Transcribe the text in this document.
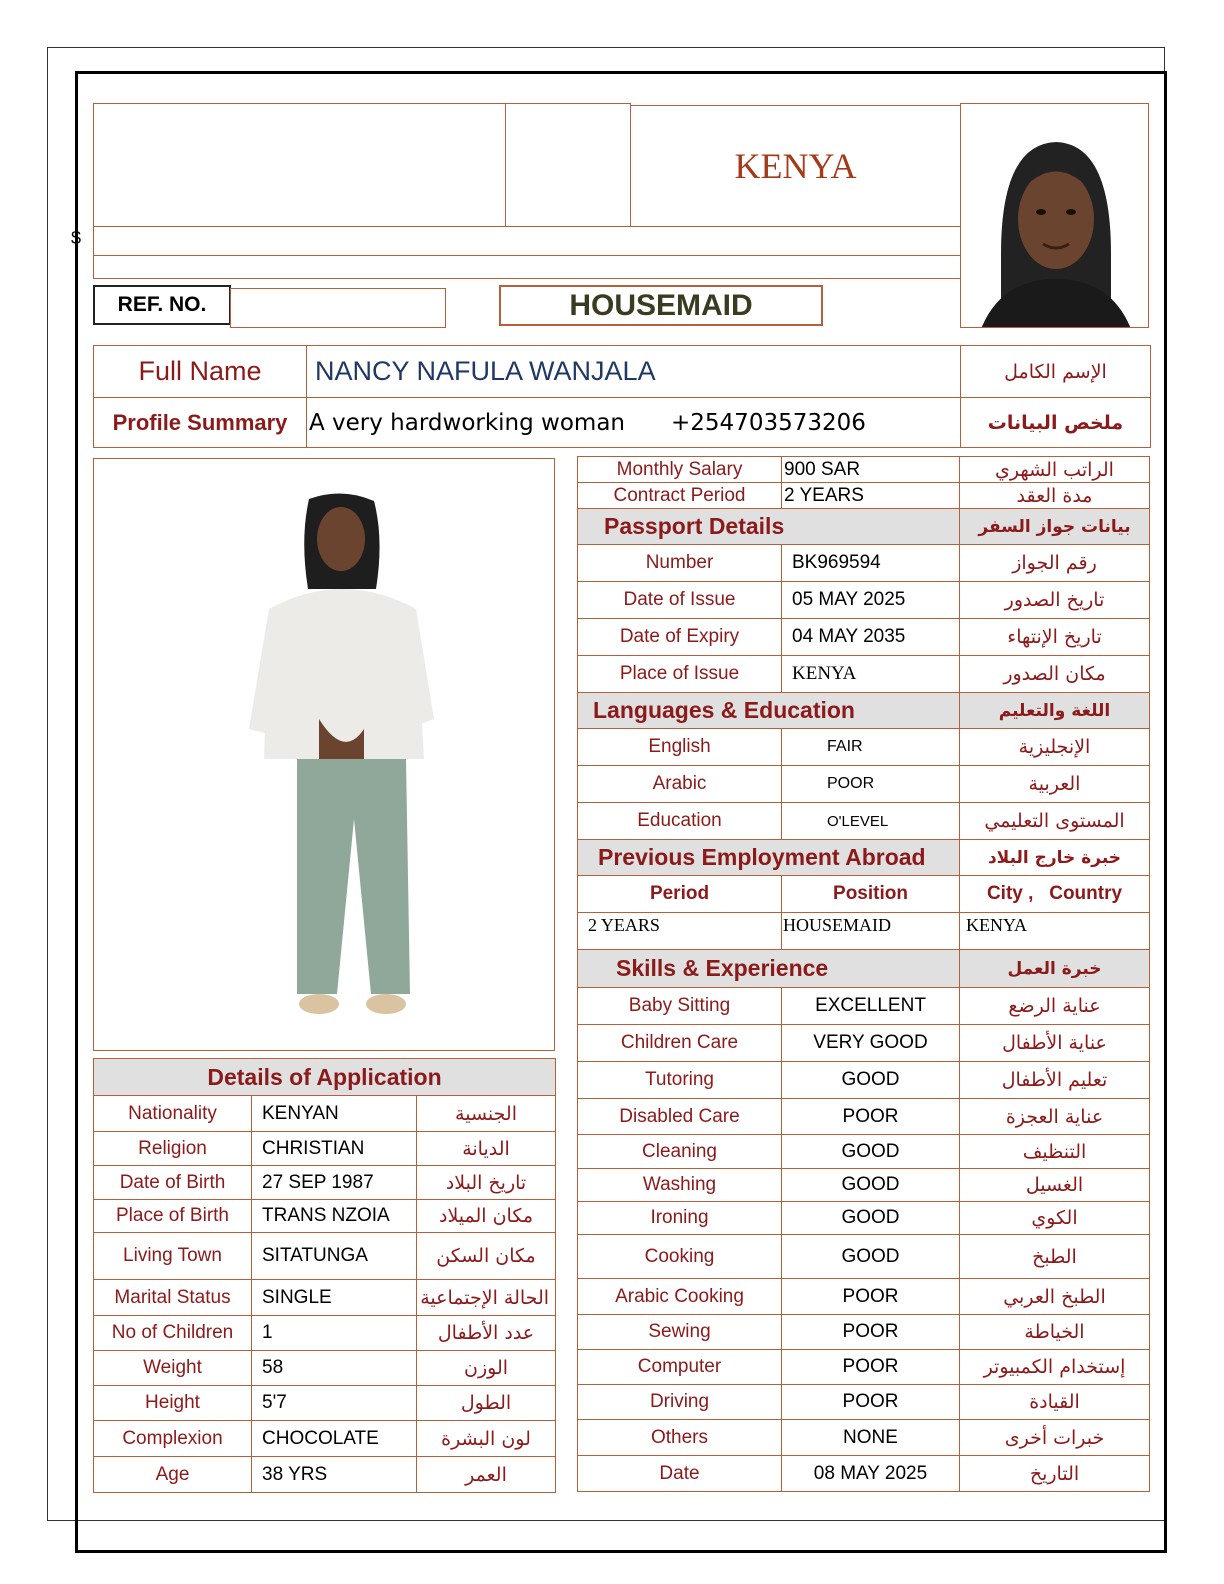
$
KENYA
REF. NO.	HOUSEMAID
Full Name	NANCY NAFULA WANJALA	الإسم الكامل
Profile Summary	A very hardworking woman +254703573206	ملخص البيانات
Monthly Salary	900 SAR	الراتب الشهري
Contract Period	2 YEARS	مدة العقد
Passport Details		بيانات جواز السفر
Number	BK969594	رقم الجواز
Date of Issue	05 MAY 2025	تاريخ الصدور
Date of Expiry	04 MAY 2035	تاريخ الإنتهاء
Place of Issue	KENYA	مكان الصدور
Languages & Education		اللغة والتعليم
English	FAIR	الإنجليزية
Arabic	POOR	العربية
Education	O'LEVEL	المستوى التعليمي
Previous Employment Abroad		خبرة خارج البلاد
Period	Position	City ,   Country
2 YEARS	HOUSEMAID	KENYA
Skills & Experience		خبرة العمل
Baby Sitting	EXCELLENT	عناية الرضع
Children Care	VERY GOOD	عناية الأطفال
Tutoring	GOOD	تعليم الأطفال
Disabled Care	POOR	عناية العجزة
Cleaning	GOOD	التنظيف
Washing	GOOD	الغسيل
Ironing	GOOD	الكوي
Cooking	GOOD	الطبخ
Arabic Cooking	POOR	الطبخ العربي
Sewing	POOR	الخياطة
Computer	POOR	إستخدام الكمبيوتر
Driving	POOR	القيادة
Others	NONE	خبرات أخرى
Date	08 MAY 2025	التاريخ
Details of Application		
Nationality	KENYAN	الجنسية
Religion	CHRISTIAN	الديانة
Date of Birth	27 SEP 1987	تاريخ البلاد
Place of Birth	TRANS NZOIA	مكان الميلاد
Living Town	SITATUNGA	مكان السكن
Marital Status	SINGLE	الحالة الإجتماعية
No of Children	1	عدد الأطفال
Weight	58	الوزن
Height	5'7	الطول
Complexion	CHOCOLATE	لون البشرة
Age	38 YRS	العمر
